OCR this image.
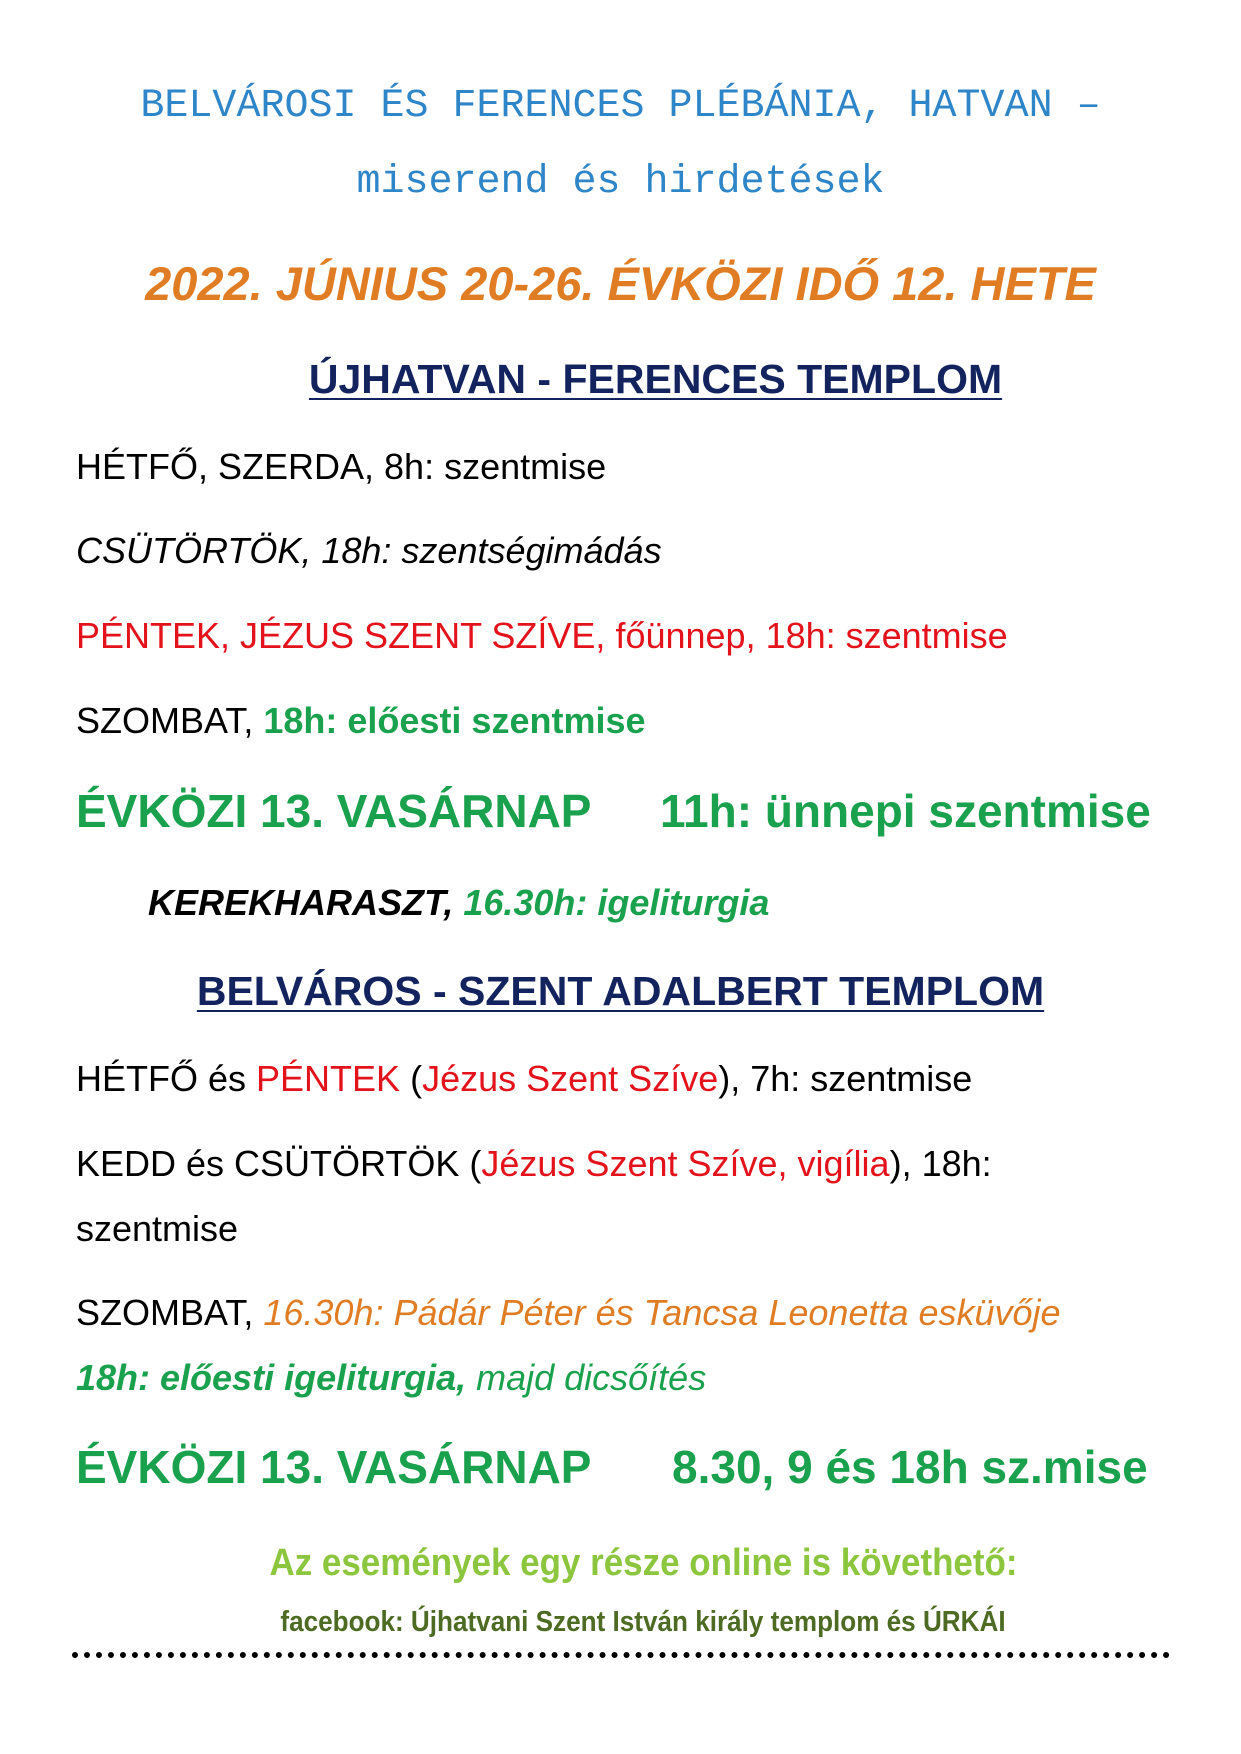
BELVÁROSI ÉS FERENCES PLÉBÁNIA, HATVAN –
miserend és hirdetések
2022. JÚNIUS 20-26. ÉVKÖZI IDŐ 12. HETE
ÚJHATVAN - FERENCES TEMPLOM
HÉTFŐ, SZERDA, 8h: szentmise
CSÜTÖRTÖK, 18h: szentségimádás
PÉNTEK, JÉZUS SZENT SZÍVE, főünnep, 18h: szentmise
SZOMBAT, 18h: előesti szentmise
ÉVKÖZI 13. VASÁRNAP 11h: ünnepi szentmise
KEREKHARASZT, 16.30h: igeliturgia
BELVÁROS - SZENT ADALBERT TEMPLOM
HÉTFŐ és PÉNTEK (Jézus Szent Szíve), 7h: szentmise
KEDD és CSÜTÖRTÖK (Jézus Szent Szíve, vigília), 18h:
szentmise
SZOMBAT, 16.30h: Pádár Péter és Tancsa Leonetta esküvője
18h: előesti igeliturgia, majd dicsőítés
ÉVKÖZI 13. VASÁRNAP 8.30, 9 és 18h sz.mise
Az események egy része online is követhető:
facebook: Újhatvani Szent István király templom és ÚRKÁI
